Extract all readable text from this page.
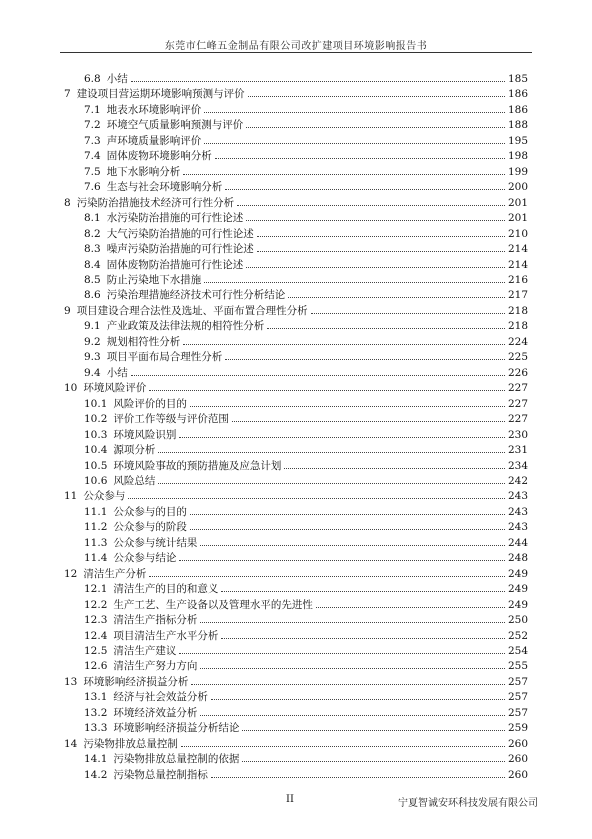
东莞市仁峰五金制品有限公司改扩建项目环境影响报告书
6.8 小结	185
7 建设项目营运期环境影响预测与评价	186
7.1 地表水环境影响评价	186
7.2 环境空气质量影响预测与评价	188
7.3 声环境质量影响评价	195
7.4 固体废物环境影响分析	198
7.5 地下水影响分析	199
7.6 生态与社会环境影响分析	200
8 污染防治措施技术经济可行性分析	201
8.1 水污染防治措施的可行性论述	201
8.2 大气污染防治措施的可行性论述	210
8.3 噪声污染防治措施的可行性论述	214
8.4 固体废物防治措施可行性论述	214
8.5 防止污染地下水措施	216
8.6 污染治理措施经济技术可行性分析结论	217
9 项目建设合理合法性及选址、平面布置合理性分析	218
9.1 产业政策及法律法规的相符性分析	218
9.2 规划相符性分析	224
9.3 项目平面布局合理性分析	225
9.4 小结	226
10 环境风险评价	227
10.1 风险评价的目的	227
10.2 评价工作等级与评价范围	227
10.3 环境风险识别	230
10.4 源项分析	231
10.5 环境风险事故的预防措施及应急计划	234
10.6 风险总结	242
11 公众参与	243
11.1 公众参与的目的	243
11.2 公众参与的阶段	243
11.3 公众参与统计结果	244
11.4 公众参与结论	248
12 清洁生产分析	249
12.1 清洁生产的目的和意义	249
12.2 生产工艺、生产设备以及管理水平的先进性	249
12.3 清洁生产指标分析	250
12.4 项目清洁生产水平分析	252
12.5 清洁生产建议	254
12.6 清洁生产努力方向	255
13 环境影响经济损益分析	257
13.1 经济与社会效益分析	257
13.2 环境经济效益分析	257
13.3 环境影响经济损益分析结论	259
14 污染物排放总量控制	260
14.1 污染物排放总量控制的依据	260
14.2 污染物总量控制指标	260
II	宁夏智诚安环科技发展有限公司
